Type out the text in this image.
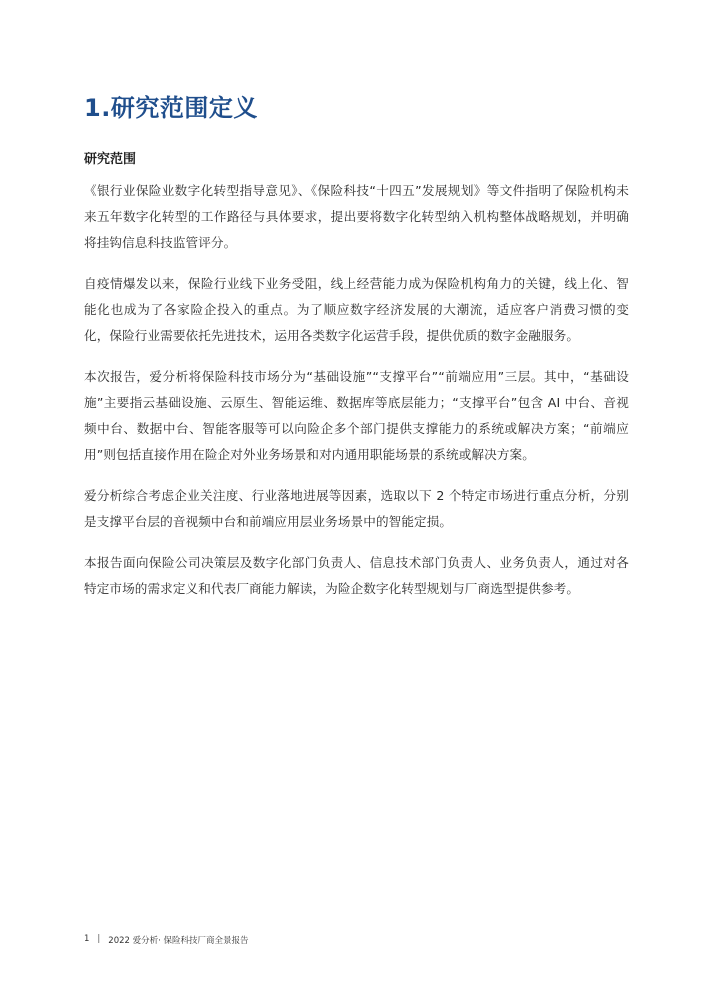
1.研究范围定义
研究范围

《银行业保险业数字化转型指导意见》、《保险科技“十四五”发展规划》等文件指明了保险机构未来五年数字化转型的工作路径与具体要求，提出要将数字化转型纳入机构整体战略规划，并明确将挂钩信息科技监管评分。

自疫情爆发以来，保险行业线下业务受阻，线上经营能力成为保险机构角力的关键，线上化、智能化也成为了各家险企投入的重点。为了顺应数字经济发展的大潮流，适应客户消费习惯的变化，保险行业需要依托先进技术，运用各类数字化运营手段，提供优质的数字金融服务。

本次报告，爱分析将保险科技市场分为“基础设施”“支撑平台”“前端应用”三层。其中，“基础设施”主要指云基础设施、云原生、智能运维、数据库等底层能力；“支撑平台”包含 AI 中台、音视频中台、数据中台、智能客服等可以向险企多个部门提供支撑能力的系统或解决方案；“前端应用”则包括直接作用在险企对外业务场景和对内通用职能场景的系统或解决方案。

爱分析综合考虑企业关注度、行业落地进展等因素，选取以下 2 个特定市场进行重点分析，分别是支撑平台层的音视频中台和前端应用层业务场景中的智能定损。

本报告面向保险公司决策层及数字化部门负责人、信息技术部门负责人、业务负责人，通过对各特定市场的需求定义和代表厂商能力解读，为险企数字化转型规划与厂商选型提供参考。

1 | 2022 爱分析· 保险科技厂商全景报告
